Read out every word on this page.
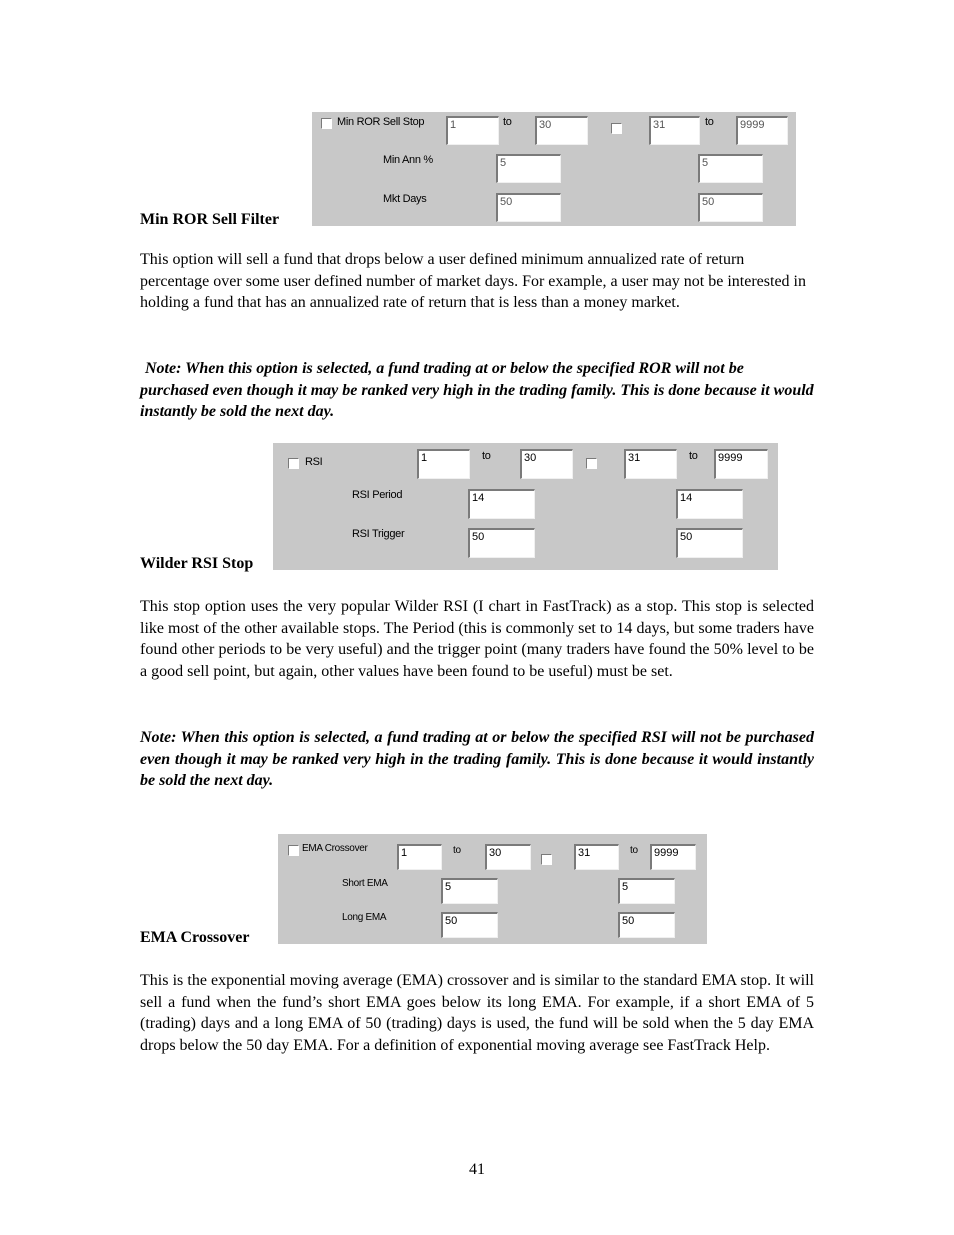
Min ROR Sell Stop	1	to	30	31	to	9999
Min Ann %	5	5
Mkt Days	50	50
Min ROR Sell Filter

This option will sell a fund that drops below a user defined minimum annualized rate of return percentage over some user defined number of market days. For example, a user may not be interested in holding a fund that has an annualized rate of return that is less than a money market.

Note: When this option is selected, a fund trading at or below the specified ROR will not be purchased even though it may be ranked very high in the trading family. This is done because it would instantly be sold the next day.

RSI	1	to	30	31	to	9999
RSI Period	14	14
RSI Trigger	50	50
Wilder RSI Stop

This stop option uses the very popular Wilder RSI (I chart in FastTrack) as a stop. This stop is selected like most of the other available stops. The Period (this is commonly set to 14 days, but some traders have found other periods to be very useful) and the trigger point (many traders have found the 50% level to be a good sell point, but again, other values have been found to be useful) must be set.

Note: When this option is selected, a fund trading at or below the specified RSI will not be purchased even though it may be ranked very high in the trading family. This is done because it would instantly be sold the next day.

EMA Crossover	1	to	30	31	to	9999
Short EMA	5	5
Long EMA	50	50
EMA Crossover

This is the exponential moving average (EMA) crossover and is similar to the standard EMA stop. It will sell a fund when the fund’s short EMA goes below its long EMA. For example, if a short EMA of 5 (trading) days and a long EMA of 50 (trading) days is used, the fund will be sold when the 5 day EMA drops below the 50 day EMA. For a definition of exponential moving average see FastTrack Help.

41
